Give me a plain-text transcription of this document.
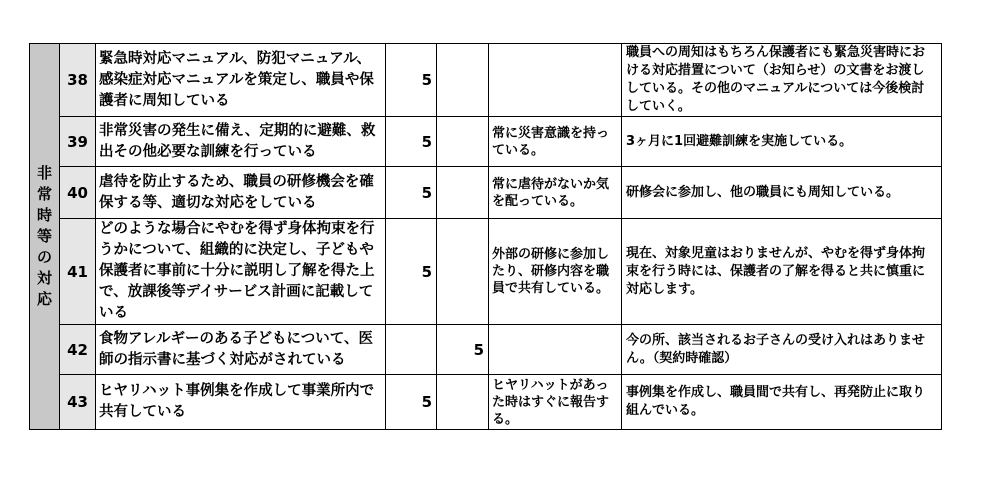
非常時等の対応	38	緊急時対応マニュアル、防犯マニュアル、感染症対応マニュアルを策定し、職員や保護者に周知している	5			職員への周知はもちろん保護者にも緊急災害時における対応措置について（お知らせ）の文書をお渡ししている。その他のマニュアルについては今後検討していく。
	39	非常災害の発生に備え、定期的に避難、救出その他必要な訓練を行っている	5		常に災害意識を持っている。	3ヶ月に1回避難訓練を実施している。
	40	虐待を防止するため、職員の研修機会を確保する等、適切な対応をしている	5		常に虐待がないか気を配っている。	研修会に参加し、他の職員にも周知している。
	41	どのような場合にやむを得ず身体拘束を行うかについて、組織的に決定し、子どもや保護者に事前に十分に説明し了解を得た上で、放課後等デイサービス計画に記載している	5		外部の研修に参加したり、研修内容を職員で共有している。	現在、対象児童はおりませんが、やむを得ず身体拘束を行う時には、保護者の了解を得ると共に慎重に対応します。
	42	食物アレルギーのある子どもについて、医師の指示書に基づく対応がされている		5		今の所、該当されるお子さんの受け入れはありません。（契約時確認）
	43	ヒヤリハット事例集を作成して事業所内で共有している	5		ヒヤリハットがあった時はすぐに報告する。	事例集を作成し、職員間で共有し、再発防止に取り組んでいる。
